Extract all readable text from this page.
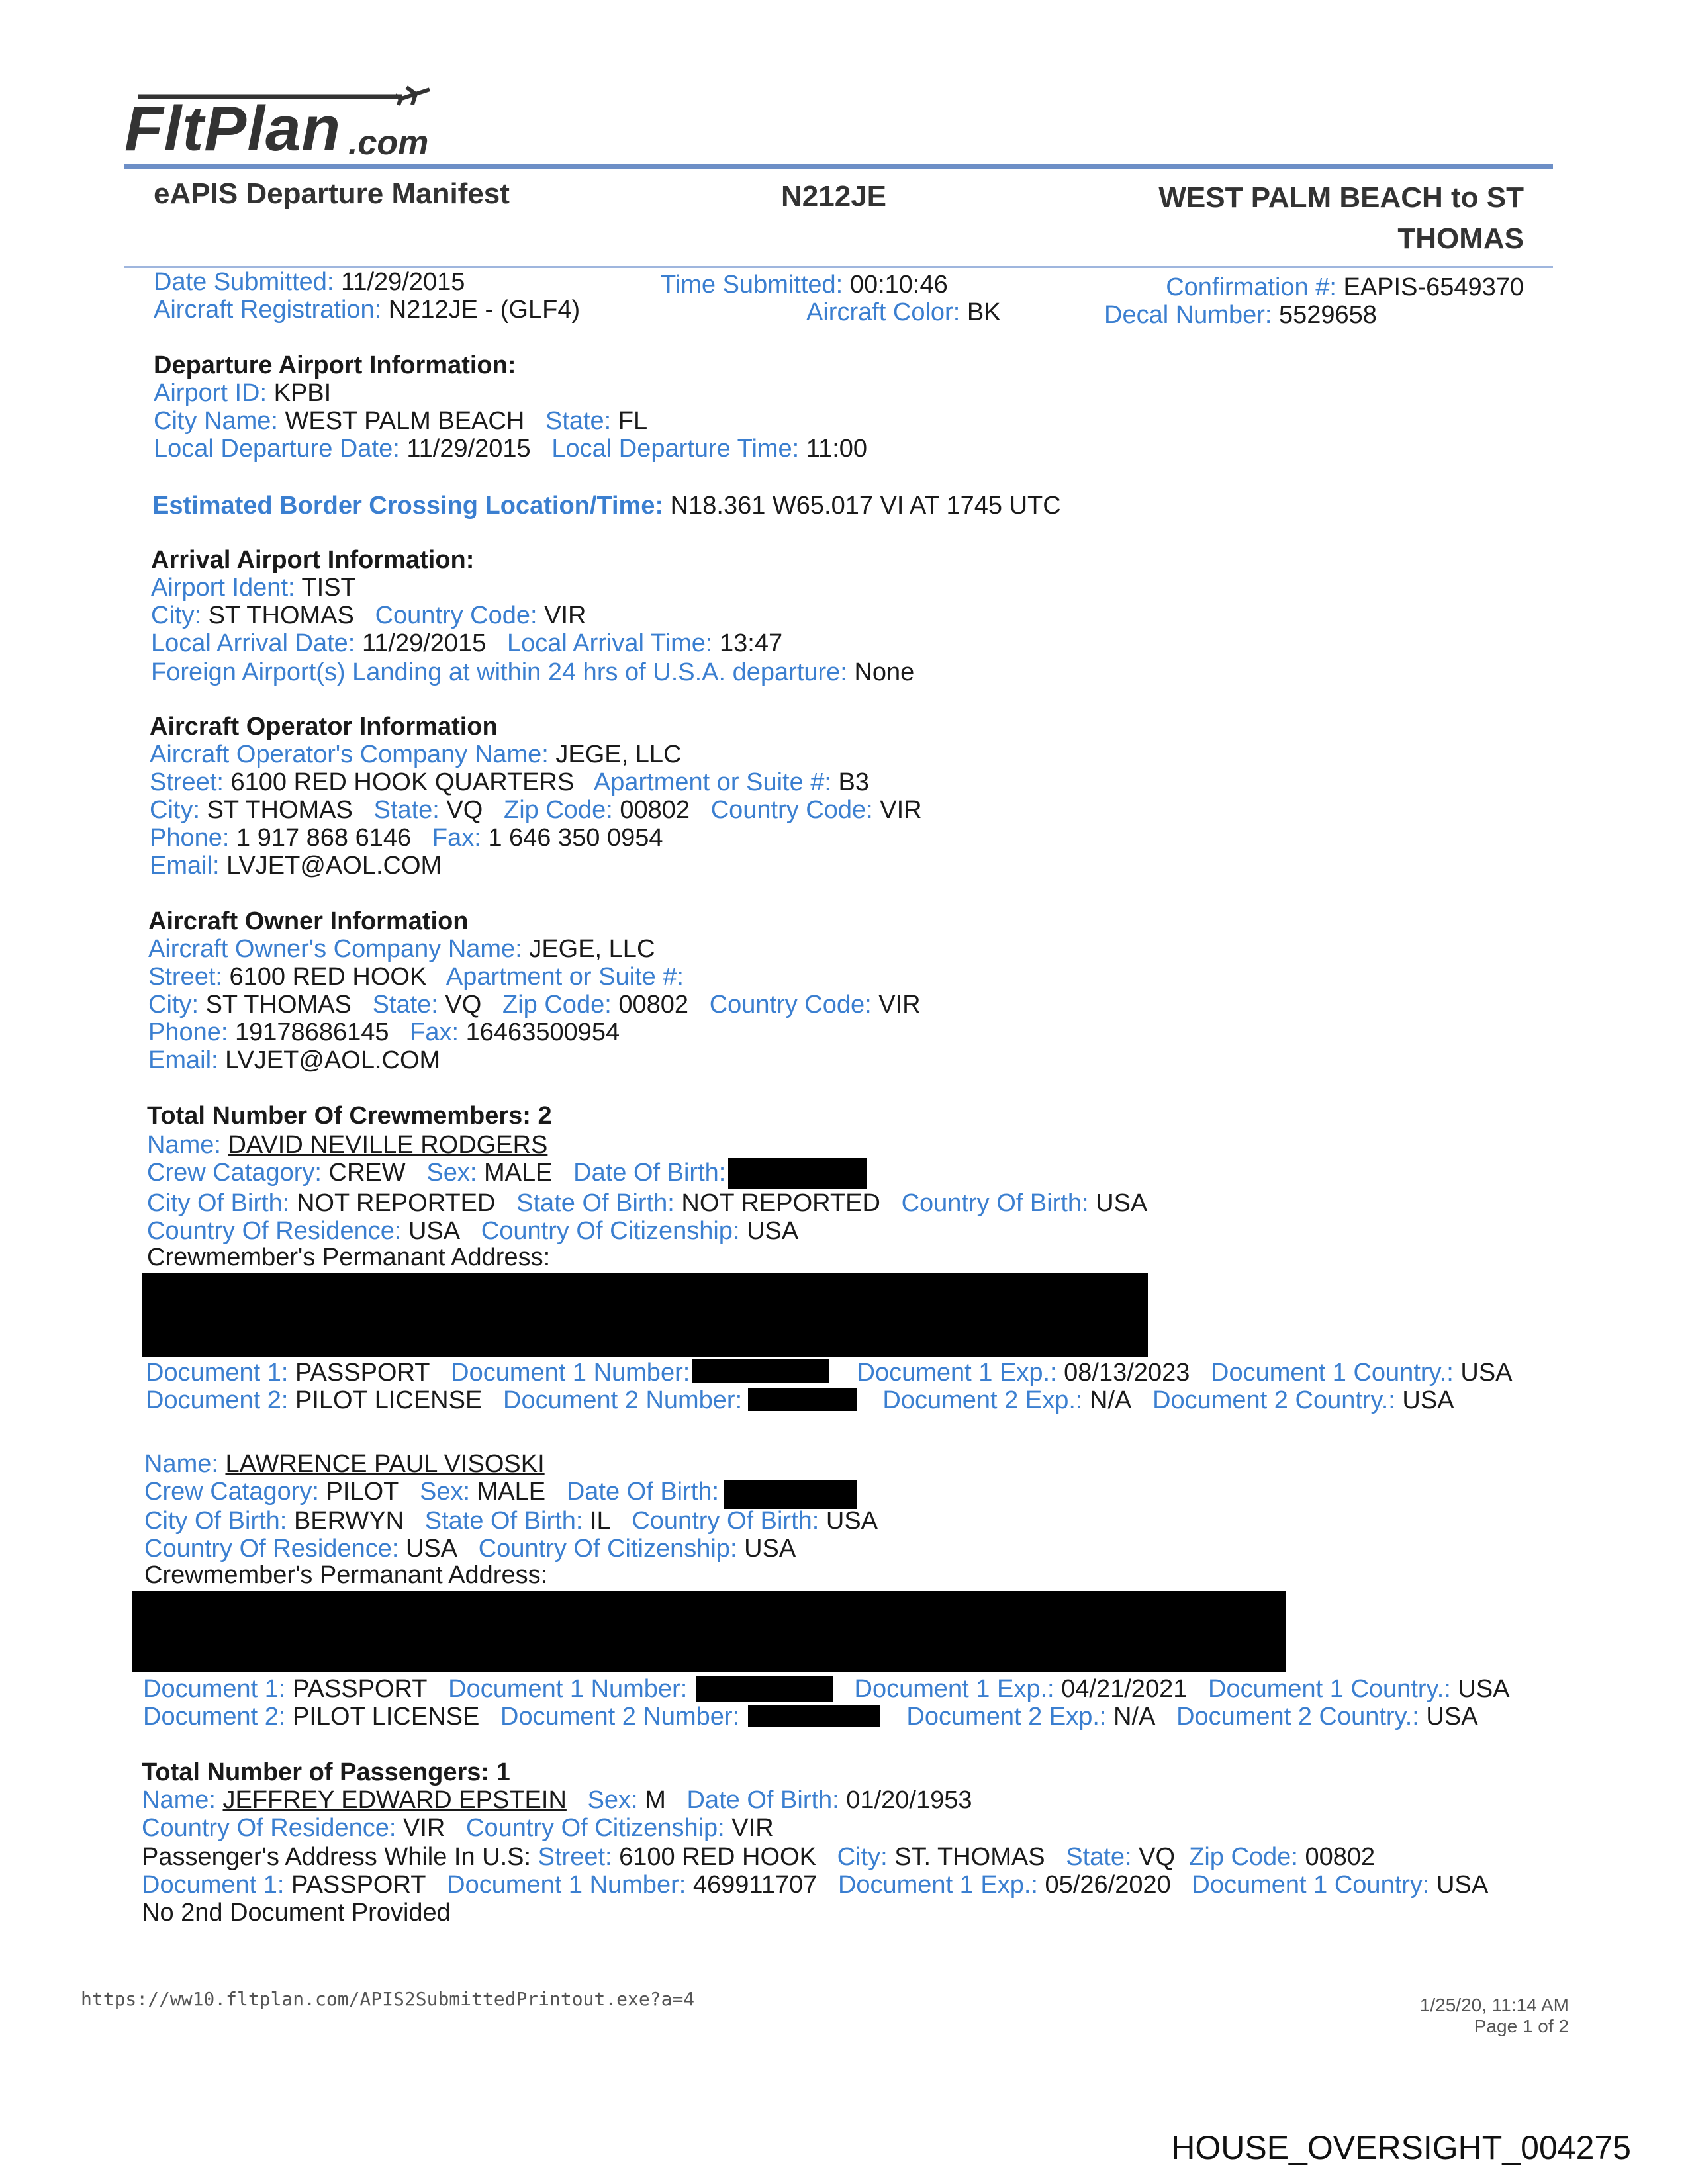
FltPlan .com
eAPIS Departure Manifest	N212JE	WEST PALM BEACH to ST
THOMAS
Date Submitted: 11/29/2015	Time Submitted: 00:10:46	Confirmation #: EAPIS-6549370
Aircraft Registration: N212JE - (GLF4)	Aircraft Color: BK	Decal Number: 5529658
Departure Airport Information:
Airport ID: KPBI
City Name: WEST PALM BEACH State: FL
Local Departure Date: 11/29/2015 Local Departure Time: 11:00
Estimated Border Crossing Location/Time: N18.361 W65.017 VI AT 1745 UTC
Arrival Airport Information:
Airport Ident: TIST
City: ST THOMAS Country Code: VIR
Local Arrival Date: 11/29/2015 Local Arrival Time: 13:47
Foreign Airport(s) Landing at within 24 hrs of U.S.A. departure: None
Aircraft Operator Information
Aircraft Operator's Company Name: JEGE, LLC
Street: 6100 RED HOOK QUARTERS Apartment or Suite #: B3
City: ST THOMAS State: VQ Zip Code: 00802 Country Code: VIR
Phone: 1 917 868 6146 Fax: 1 646 350 0954
Email: LVJET@AOL.COM
Aircraft Owner Information
Aircraft Owner's Company Name: JEGE, LLC
Street: 6100 RED HOOK Apartment or Suite #:
City: ST THOMAS State: VQ Zip Code: 00802 Country Code: VIR
Phone: 19178686145 Fax: 16463500954
Email: LVJET@AOL.COM
Total Number Of Crewmembers: 2
Name: DAVID NEVILLE RODGERS
Crew Catagory: CREW Sex: MALE Date Of Birth:
City Of Birth: NOT REPORTED State Of Birth: NOT REPORTED Country Of Birth: USA
Country Of Residence: USA Country Of Citizenship: USA
Crewmember's Permanant Address:
Document 1: PASSPORT Document 1 Number:	Document 1 Exp.: 08/13/2023 Document 1 Country.: USA
Document 2: PILOT LICENSE Document 2 Number:	Document 2 Exp.: N/A Document 2 Country.: USA
Name: LAWRENCE PAUL VISOSKI
Crew Catagory: PILOT Sex: MALE Date Of Birth:
City Of Birth: BERWYN State Of Birth: IL Country Of Birth: USA
Country Of Residence: USA Country Of Citizenship: USA
Crewmember's Permanant Address:
Document 1: PASSPORT Document 1 Number:	Document 1 Exp.: 04/21/2021 Document 1 Country.: USA
Document 2: PILOT LICENSE Document 2 Number:	Document 2 Exp.: N/A Document 2 Country.: USA
Total Number of Passengers: 1
Name: JEFFREY EDWARD EPSTEIN Sex: M Date Of Birth: 01/20/1953
Country Of Residence: VIR Country Of Citizenship: VIR
Passenger's Address While In U.S: Street: 6100 RED HOOK City: ST. THOMAS State: VQ Zip Code: 00802
Document 1: PASSPORT Document 1 Number: 469911707 Document 1 Exp.: 05/26/2020 Document 1 Country: USA
No 2nd Document Provided
https://ww10.fltplan.com/APIS2SubmittedPrintout.exe?a=4	1/25/20, 11:14 AM
Page 1 of 2
HOUSE_OVERSIGHT_004275
